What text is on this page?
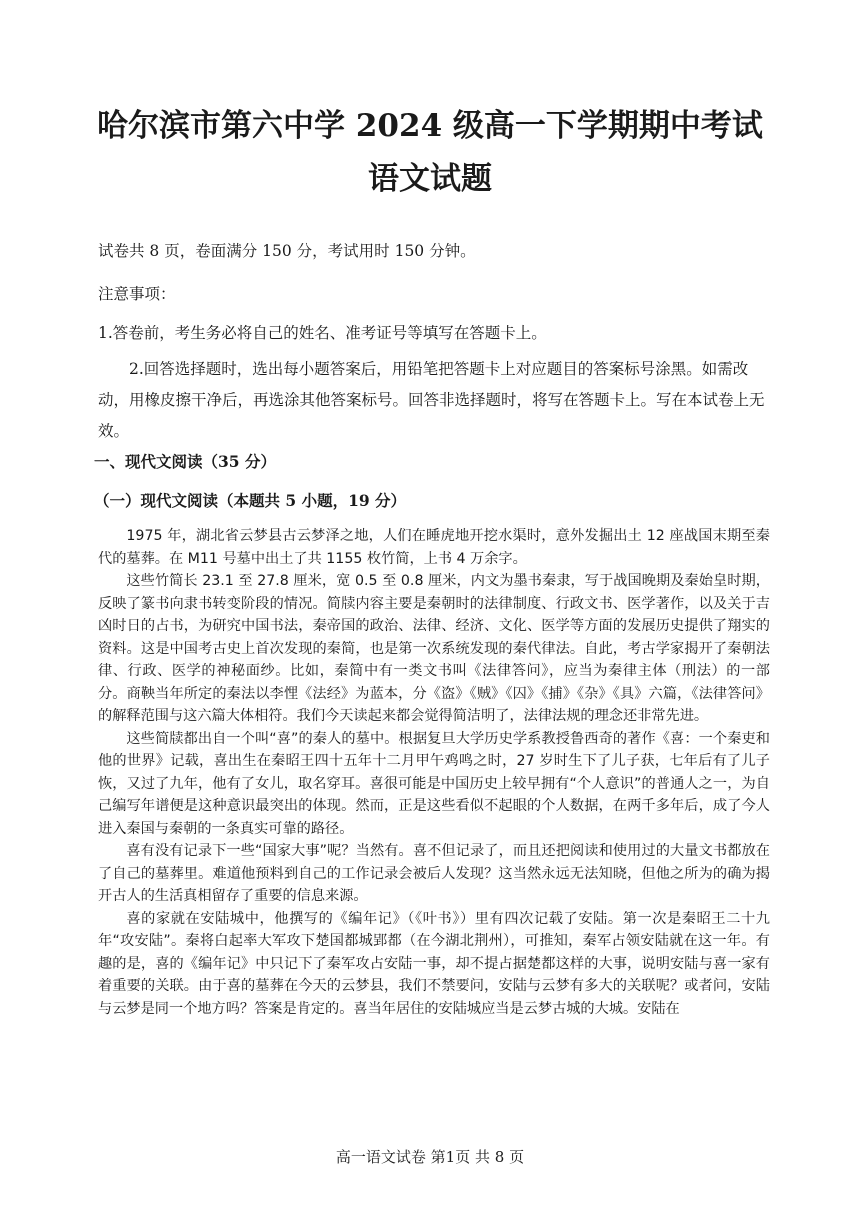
哈尔滨市第六中学 2024 级高一下学期期中考试
语文试题
试卷共 8 页，卷面满分 150 分，考试用时 150 分钟。
注意事项：
1.答卷前，考生务必将自己的姓名、准考证号等填写在答题卡上。
2.回答选择题时，选出每小题答案后，用铅笔把答题卡上对应题目的答案标号涂黑。如需改动，用橡皮擦干净后，再选涂其他答案标号。回答非选择题时，将写在答题卡上。写在本试卷上无效。
一、现代文阅读（35 分）
（一）现代文阅读（本题共 5 小题，19 分）

1975 年，湖北省云梦县古云梦泽之地，人们在睡虎地开挖水渠时，意外发掘出土 12 座战国末期至秦代的墓葬。在 M11 号墓中出土了共 1155 枚竹简，上书 4 万余字。

这些竹简长 23.1 至 27.8 厘米，宽 0.5 至 0.8 厘米，内文为墨书秦隶，写于战国晚期及秦始皇时期，反映了篆书向隶书转变阶段的情况。简牍内容主要是秦朝时的法律制度、行政文书、医学著作，以及关于吉凶时日的占书，为研究中国书法，秦帝国的政治、法律、经济、文化、医学等方面的发展历史提供了翔实的资料。这是中国考古史上首次发现的秦简，也是第一次系统发现的秦代律法。自此，考古学家揭开了秦朝法律、行政、医学的神秘面纱。比如，秦简中有一类文书叫《法律答问》，应当为秦律主体（刑法）的一部分。商鞅当年所定的秦法以李悝《法经》为蓝本，分《盗》《贼》《囚》《捕》《杂》《具》六篇，《法律答问》的解释范围与这六篇大体相符。我们今天读起来都会觉得简洁明了，法律法规的理念还非常先进。

这些简牍都出自一个叫“喜”的秦人的墓中。根据复旦大学历史学系教授鲁西奇的著作《喜：一个秦吏和他的世界》记载，喜出生在秦昭王四十五年十二月甲午鸡鸣之时，27 岁时生下了儿子获，七年后有了儿子恢，又过了九年，他有了女儿，取名穿耳。喜很可能是中国历史上较早拥有“个人意识”的普通人之一，为自己编写年谱便是这种意识最突出的体现。然而，正是这些看似不起眼的个人数据，在两千多年后，成了今人进入秦国与秦朝的一条真实可靠的路径。

喜有没有记录下一些“国家大事”呢？当然有。喜不但记录了，而且还把阅读和使用过的大量文书都放在了自己的墓葬里。难道他预料到自己的工作记录会被后人发现？这当然永远无法知晓，但他之所为的确为揭开古人的生活真相留存了重要的信息来源。

喜的家就在安陆城中，他撰写的《编年记》（《叶书》）里有四次记载了安陆。第一次是秦昭王二十九年“攻安陆”。秦将白起率大军攻下楚国都城郢都（在今湖北荆州），可推知，秦军占领安陆就在这一年。有趣的是，喜的《编年记》中只记下了秦军攻占安陆一事，却不提占据楚都这样的大事，说明安陆与喜一家有着重要的关联。由于喜的墓葬在今天的云梦县，我们不禁要问，安陆与云梦有多大的关联呢？或者问，安陆与云梦是同一个地方吗？答案是肯定的。喜当年居住的安陆城应当是云梦古城的大城。安陆在

高一语文试卷 第1页 共 8 页
